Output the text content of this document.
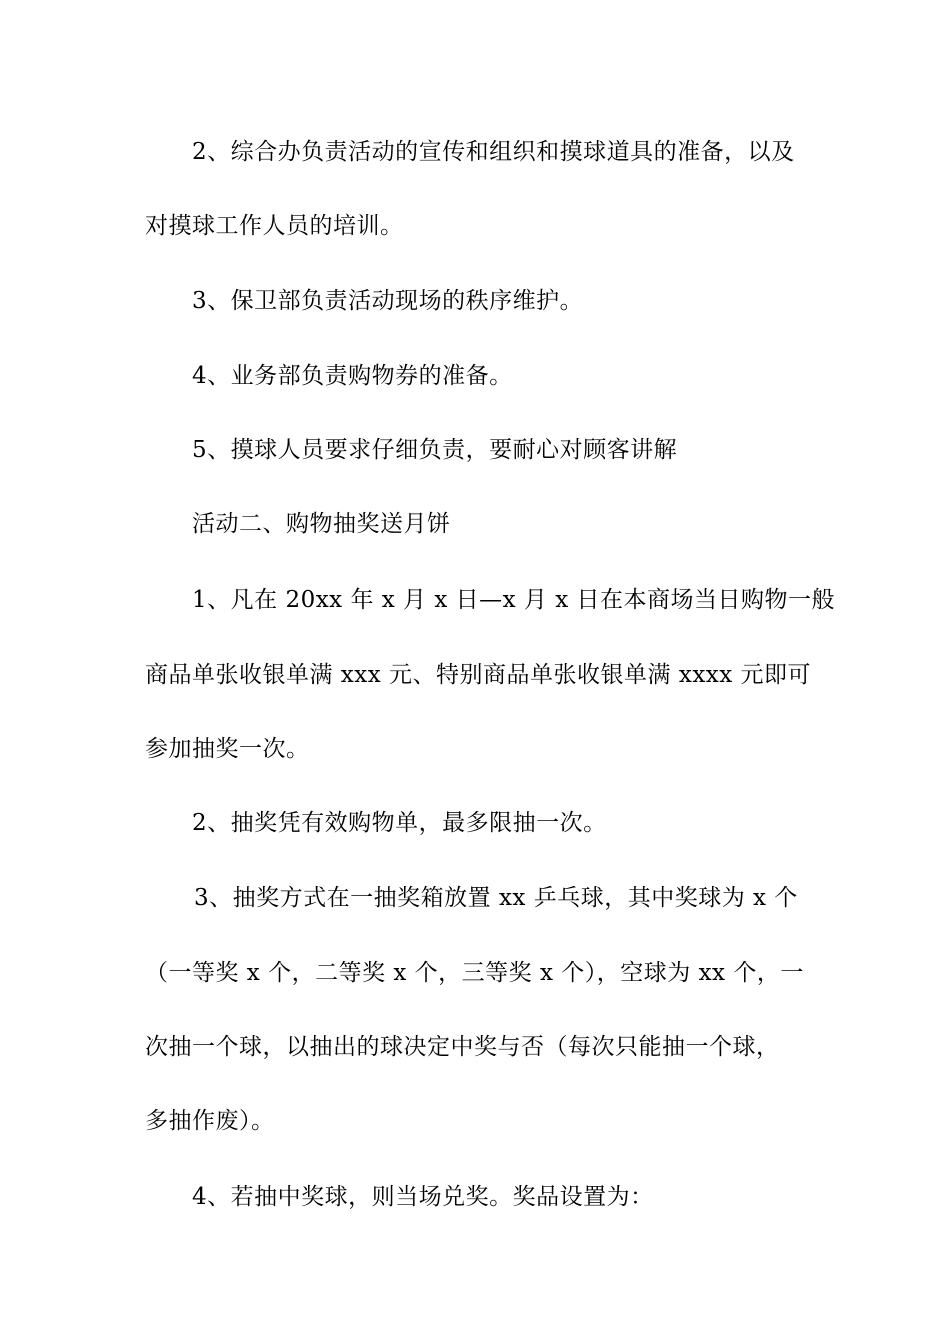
2、综合办负责活动的宣传和组织和摸球道具的准备，以及
对摸球工作人员的培训。
3、保卫部负责活动现场的秩序维护。
4、业务部负责购物券的准备。
5、摸球人员要求仔细负责，要耐心对顾客讲解
活动二、购物抽奖送月饼
1、凡在 20xx 年 x 月 x 日—x 月 x 日在本商场当日购物一般
商品单张收银单满 xxx 元、特别商品单张收银单满 xxxx 元即可
参加抽奖一次。
2、抽奖凭有效购物单，最多限抽一次。
3、抽奖方式在一抽奖箱放置 xx 乒乓球，其中奖球为 x 个
（一等奖 x 个，二等奖 x 个，三等奖 x 个），空球为 xx 个，一
次抽一个球，以抽出的球决定中奖与否（每次只能抽一个球，
多抽作废）。
4、若抽中奖球，则当场兑奖。奖品设置为：
